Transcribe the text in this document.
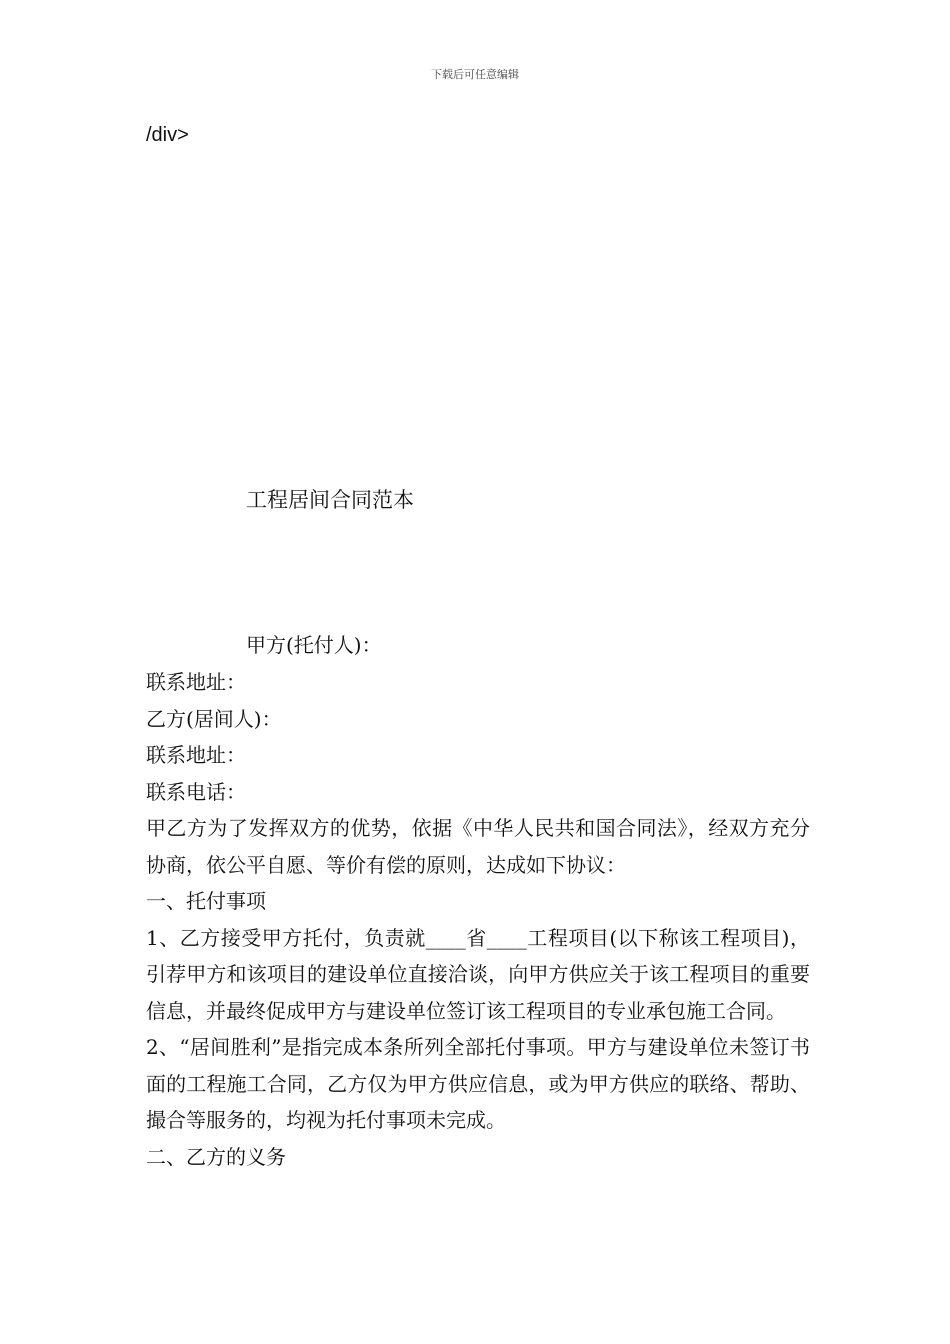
下载后可任意编辑
/div>
工程居间合同范本
甲方(托付人)：

联系地址：

乙方(居间人)：

联系地址：

联系电话：

甲乙方为了发挥双方的优势，依据《中华人民共和国合同法》，经双方充分协商，依公平自愿、等价有偿的原则，达成如下协议：

一、托付事项

1、乙方接受甲方托付，负责就____省____工程项目(以下称该工程项目)，引荐甲方和该项目的建设单位直接洽谈，向甲方供应关于该工程项目的重要信息，并最终促成甲方与建设单位签订该工程项目的专业承包施工合同。

2、“居间胜利”是指完成本条所列全部托付事项。甲方与建设单位未签订书面的工程施工合同，乙方仅为甲方供应信息，或为甲方供应的联络、帮助、撮合等服务的，均视为托付事项未完成。

二、乙方的义务
